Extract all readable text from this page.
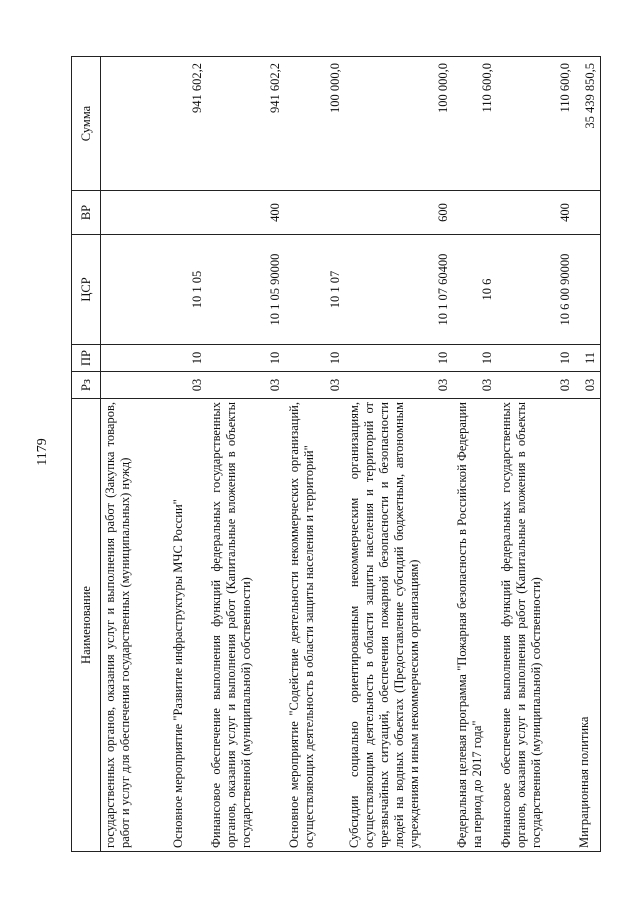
1179
Наименование	Рз	ПР	ЦСР	ВР	Сумма
государственных органов, оказания услуг и выполнения работ (Закупка товаров, работ и услуг для обеспечения государственных (муниципальных) нужд)					
Основное мероприятие "Развитие инфраструктуры МЧС России"	03	10	10 1 05		941 602,2
Финансовое обеспечение выполнения функций федеральных государственных органов, оказания услуг и выполнения работ (Капитальные вложения в объекты государственной (муниципальной) собственности)	03	10	10 1 05 90000	400	941 602,2
Основное мероприятие "Содействие деятельности некоммерческих организаций, осуществляющих деятельность в области защиты населения и территорий"	03	10	10 1 07		100 000,0
Субсидии социально ориентированным некоммерческим организациям, осуществляющим деятельность в области защиты населения и территорий от чрезвычайных ситуаций, обеспечения пожарной безопасности и безопасности людей на водных объектах (Предоставление субсидий бюджетным, автономным учреждениям и иным некоммерческим организациям)	03	10	10 1 07 60400	600	100 000,0
Федеральная целевая программа "Пожарная безопасность в Российской Федерации на период до 2017 года"	03	10	10 6		110 600,0
Финансовое обеспечение выполнения функций федеральных государственных органов, оказания услуг и выполнения работ (Капитальные вложения в объекты государственной (муниципальной) собственности)	03	10	10 6 00 90000	400	110 600,0
Миграционная политика	03	11			35 439 850,5
